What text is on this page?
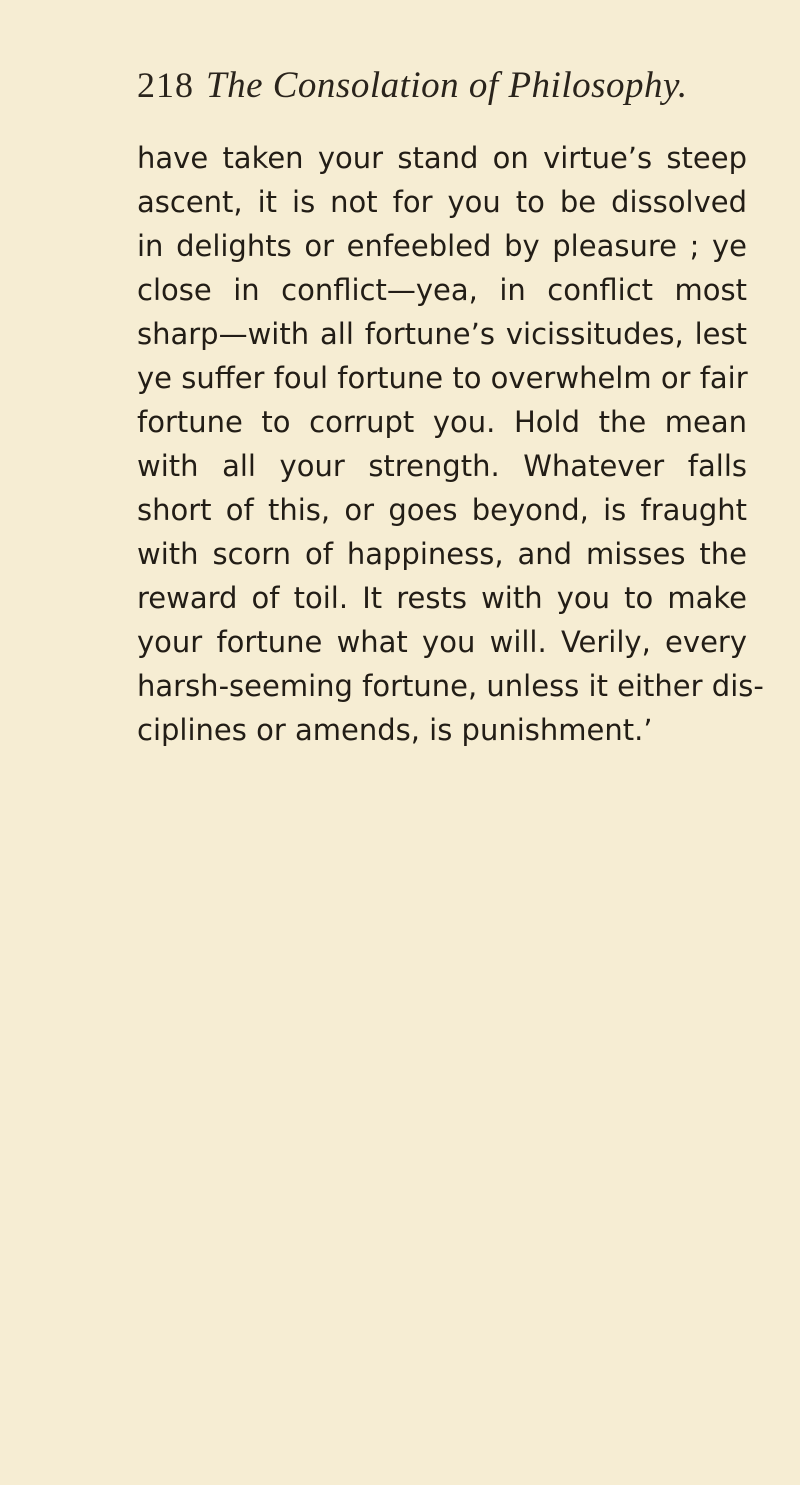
218 The Consolation of Philosophy.
have taken your stand on virtue’s steep
ascent, it is not for you to be dissolved
in delights or enfeebled by pleasure ; ye
close in conflict—yea, in conflict most
sharp—with all fortune’s vicissitudes, lest
ye suffer foul fortune to overwhelm or fair
fortune to corrupt you. Hold the mean
with all your strength. Whatever falls
short of this, or goes beyond, is fraught
with scorn of happiness, and misses the
reward of toil. It rests with you to make
your fortune what you will. Verily, every
harsh-seeming fortune, unless it either dis-
ciplines or amends, is punishment.’
